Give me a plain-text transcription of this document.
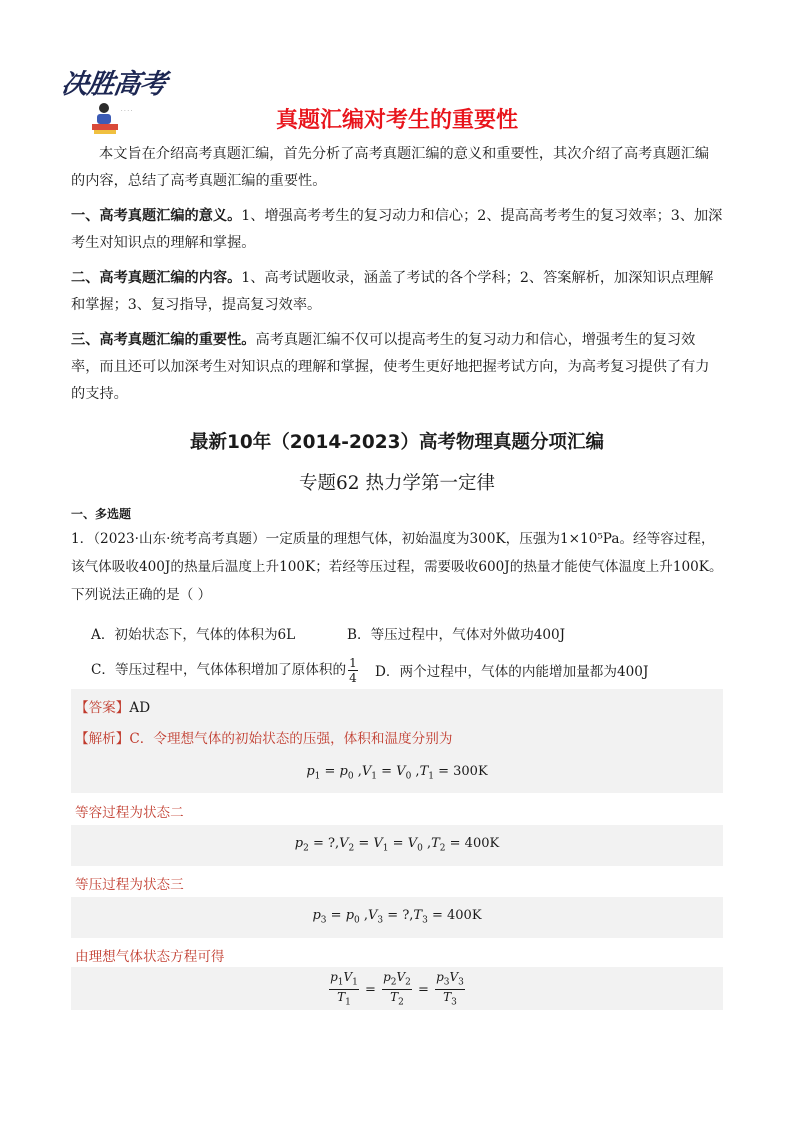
决胜高考
· · · ·	真题汇编对考生的重要性
本文旨在介绍高考真题汇编，首先分析了高考真题汇编的意义和重要性，其次介绍了高考真题汇编的内容，总结了高考真题汇编的重要性。
一、高考真题汇编的意义。1、增强高考考生的复习动力和信心；2、提高高考考生的复习效率；3、加深考生对知识点的理解和掌握。
二、高考真题汇编的内容。1、高考试题收录，涵盖了考试的各个学科；2、答案解析，加深知识点理解和掌握；3、复习指导，提高复习效率。
三、高考真题汇编的重要性。高考真题汇编不仅可以提高考生的复习动力和信心，增强考生的复习效率，而且还可以加深考生对知识点的理解和掌握，使考生更好地把握考试方向，为高考复习提供了有力的支持。
最新10年（2014-2023）高考物理真题分项汇编
专题62 热力学第一定律
一、多选题
1．（2023·山东·统考高考真题）一定质量的理想气体，初始温度为300K，压强为1×10⁵Pa。经等容过程，该气体吸收400J的热量后温度上升100K；若经等压过程，需要吸收600J的热量才能使气体温度上升100K。下列说法正确的是（ ）
A．初始状态下，气体的体积为6L	B．等压过程中，气体对外做功400J
C．等压过程中，气体体积增加了原体积的 $\frac{1}{4}$ D．两个过程中，气体的内能增加量都为400J
【答案】AD
【解析】C．令理想气体的初始状态的压强，体积和温度分别为
$p_1 = p_0$ $,V_1 = V_0$ $,T_1 = 300K$
等容过程为状态二
$p_2$ = $?,V_2 = V_1 = V_0$ $,T_2 = 400K$
等压过程为状态三
$p_3 = p_0$ $,V_3$ = $?,T_3 = 400K$
由理想气体状态方程可得
$\frac{p_1V_1}{T_1} = \frac{p_2V_2}{T_2} = \frac{p_3V_3}{T_3}$
